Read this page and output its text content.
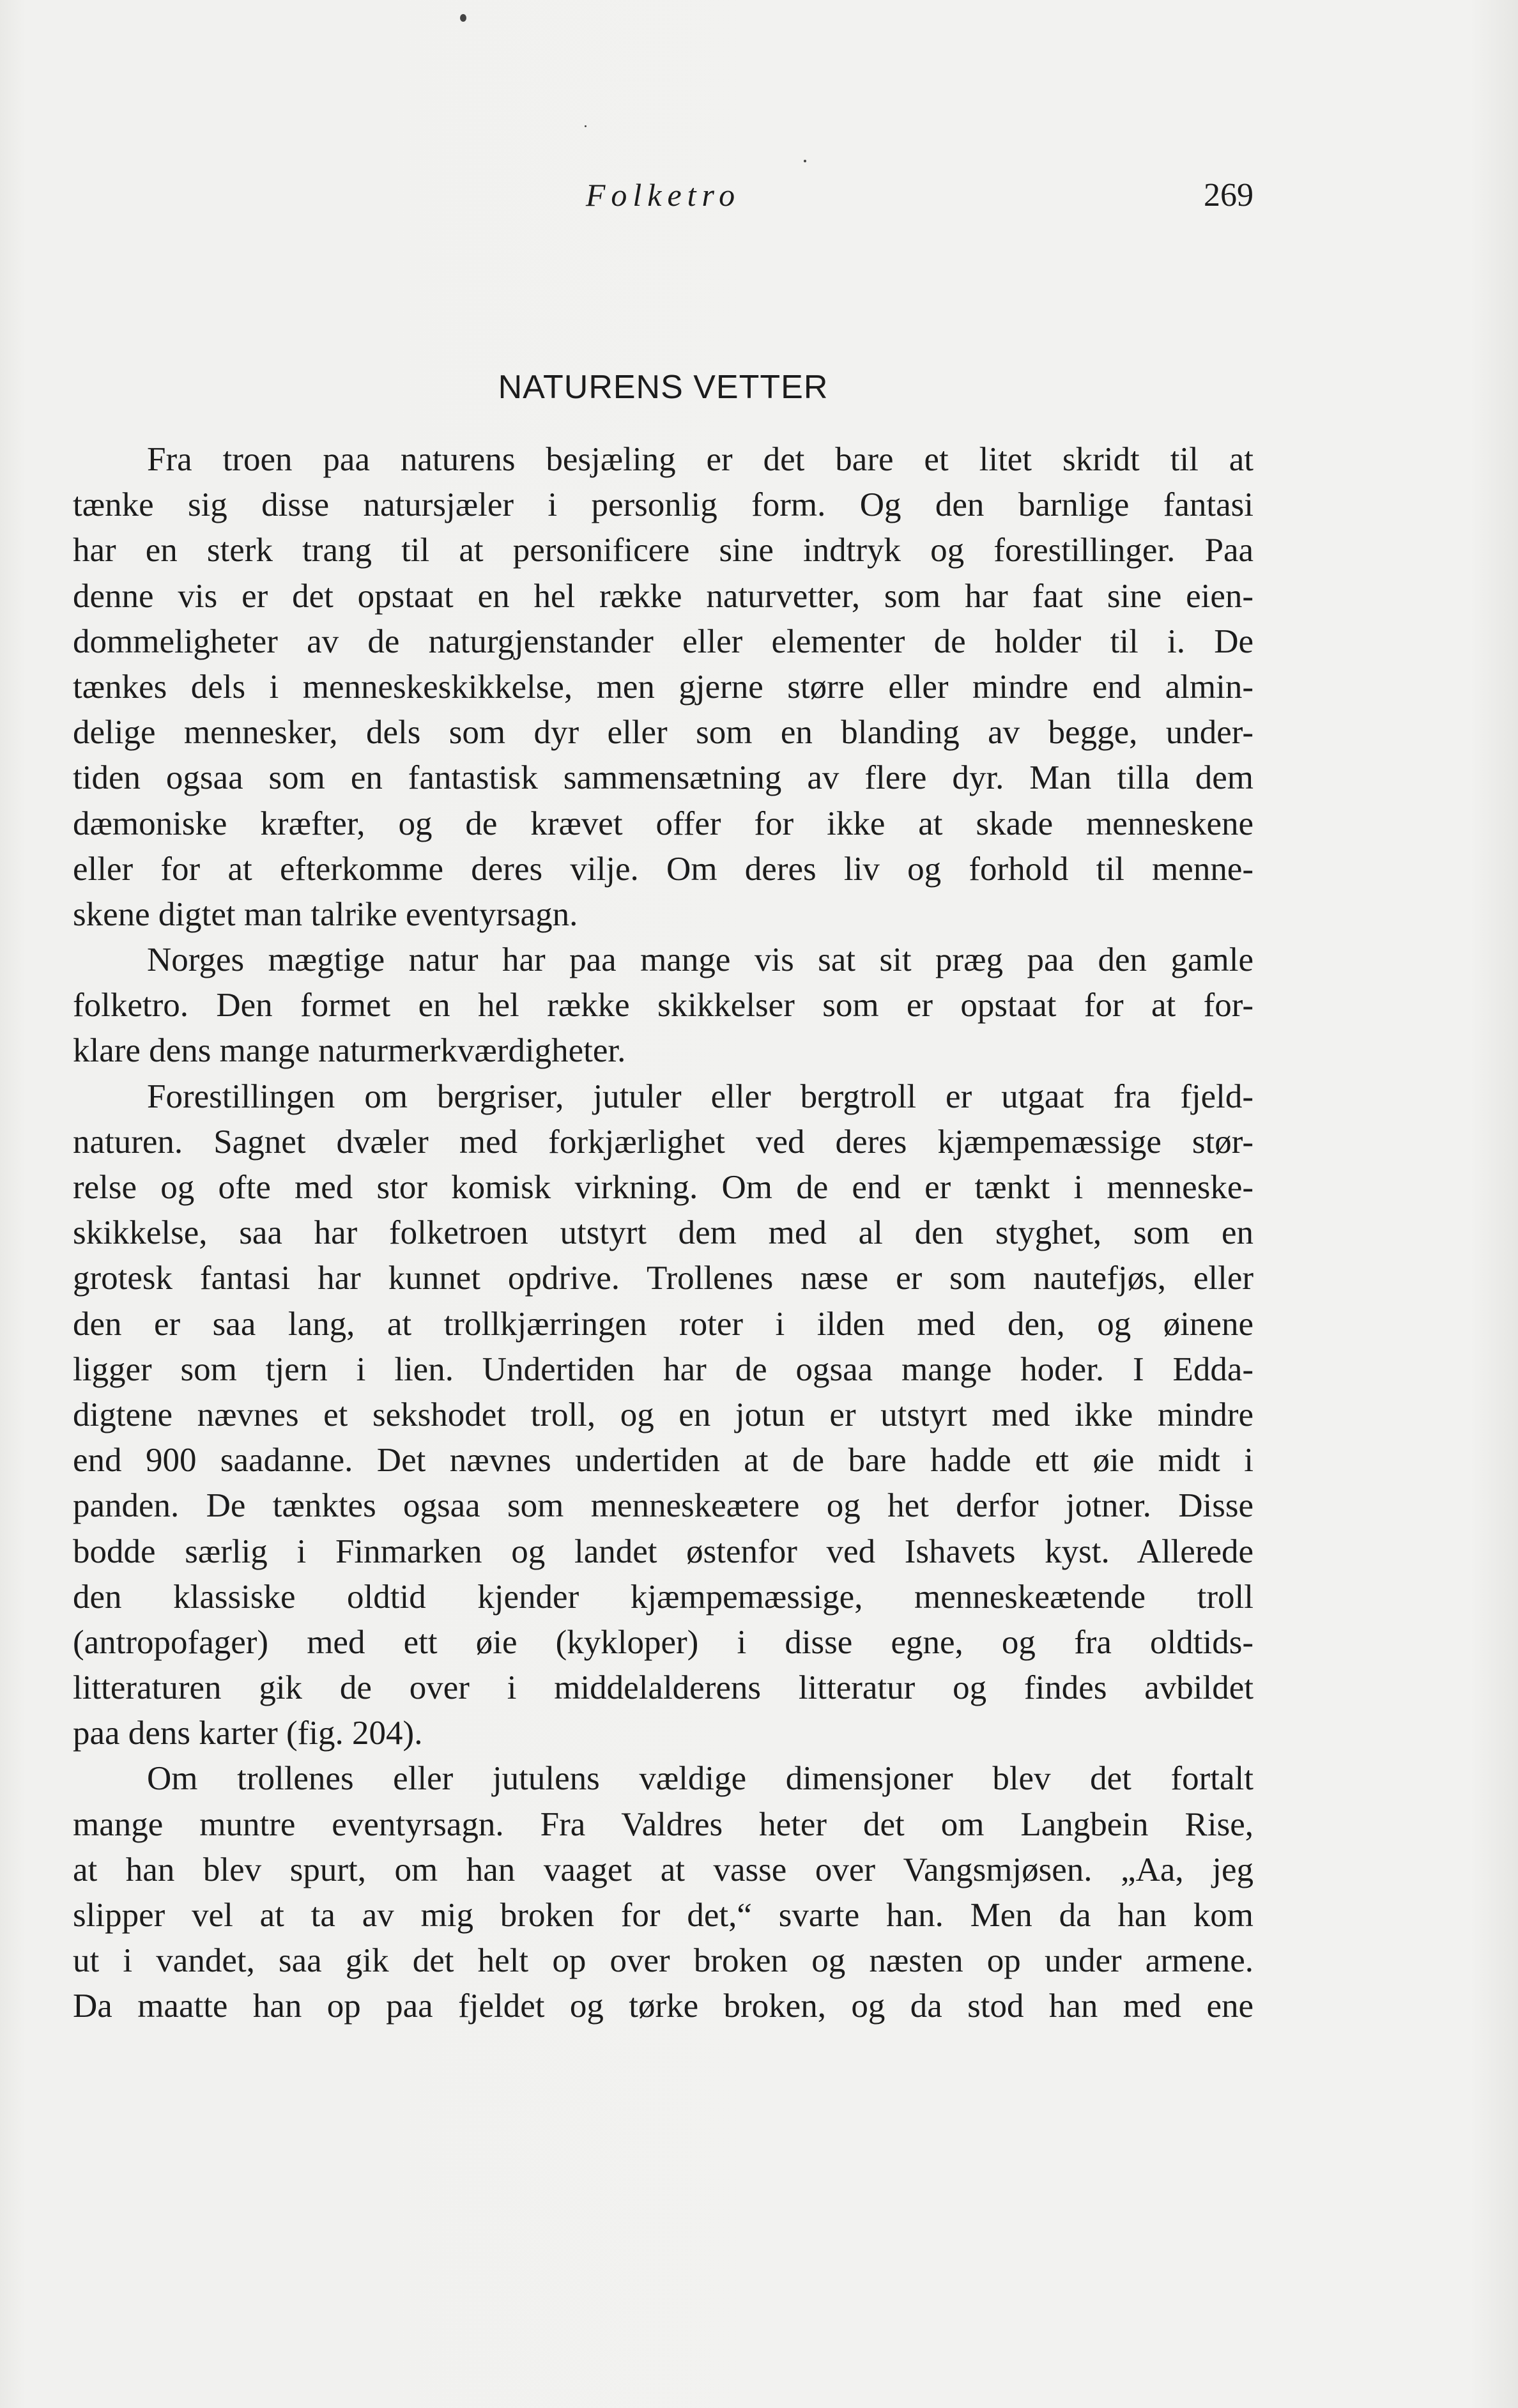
Folketro	269
NATURENS VETTER
Fra troen paa naturens besjæling er det bare et litet skridt til at
tænke sig disse natursjæler i personlig form. Og den barnlige fantasi
har en sterk trang til at personificere sine indtryk og forestillinger. Paa
denne vis er det opstaat en hel række naturvetter, som har faat sine eien-
dommeligheter av de naturgjenstander eller elementer de holder til i. De
tænkes dels i menneskeskikkelse, men gjerne større eller mindre end almin-
delige mennesker, dels som dyr eller som en blanding av begge, under-
tiden ogsaa som en fantastisk sammensætning av flere dyr. Man tilla dem
dæmoniske kræfter, og de krævet offer for ikke at skade menneskene
eller for at efterkomme deres vilje. Om deres liv og forhold til menne-
skene digtet man talrike eventyrsagn.
Norges mægtige natur har paa mange vis sat sit præg paa den gamle
folketro. Den formet en hel række skikkelser som er opstaat for at for-
klare dens mange naturmerkværdigheter.
Forestillingen om bergriser, jutuler eller bergtroll er utgaat fra fjeld-
naturen. Sagnet dvæler med forkjærlighet ved deres kjæmpemæssige stør-
relse og ofte med stor komisk virkning. Om de end er tænkt i menneske-
skikkelse, saa har folketroen utstyrt dem med al den styghet, som en
grotesk fantasi har kunnet opdrive. Trollenes næse er som nautefjøs, eller
den er saa lang, at trollkjærringen roter i ilden med den, og øinene
ligger som tjern i lien. Undertiden har de ogsaa mange hoder. I Edda-
digtene nævnes et sekshodet troll, og en jotun er utstyrt med ikke mindre
end 900 saadanne. Det nævnes undertiden at de bare hadde ett øie midt i
panden. De tænktes ogsaa som menneskeætere og het derfor jotner. Disse
bodde særlig i Finmarken og landet østenfor ved Ishavets kyst. Allerede
den klassiske oldtid kjender kjæmpemæssige, menneskeætende troll
(antropofager) med ett øie (kykloper) i disse egne, og fra oldtids-
litteraturen gik de over i middelalderens litteratur og findes avbildet
paa dens karter (fig. 204).
Om trollenes eller jutulens vældige dimensjoner blev det fortalt
mange muntre eventyrsagn. Fra Valdres heter det om Langbein Rise,
at han blev spurt, om han vaaget at vasse over Vangsmjøsen. „Aa, jeg
slipper vel at ta av mig broken for det,“ svarte han. Men da han kom
ut i vandet, saa gik det helt op over broken og næsten op under armene.
Da maatte han op paa fjeldet og tørke broken, og da stod han med ene
